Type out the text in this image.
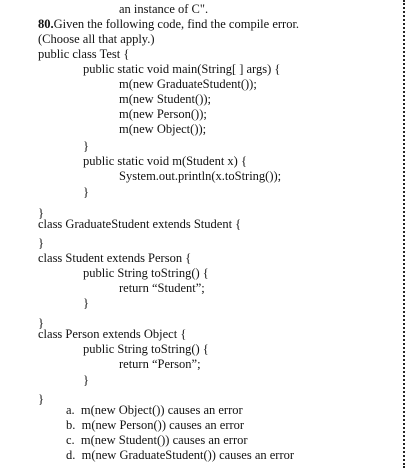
an instance of C".
80.Given the following code, find the compile error.
(Choose all that apply.)
public class Test {
public static void main(String[ ] args) {
m(new GraduateStudent());
m(new Student());
m(new Person());
m(new Object());
}
public static void m(Student x) {
System.out.println(x.toString());
}
}
class GraduateStudent extends Student {
}
class Student extends Person {
public String toString() {
return “Student”;
}
}
class Person extends Object {
public String toString() {
return “Person”;
}
}
a.  m(new Object()) causes an error
b.  m(new Person()) causes an error
c.  m(new Student()) causes an error
d.  m(new GraduateStudent()) causes an error
